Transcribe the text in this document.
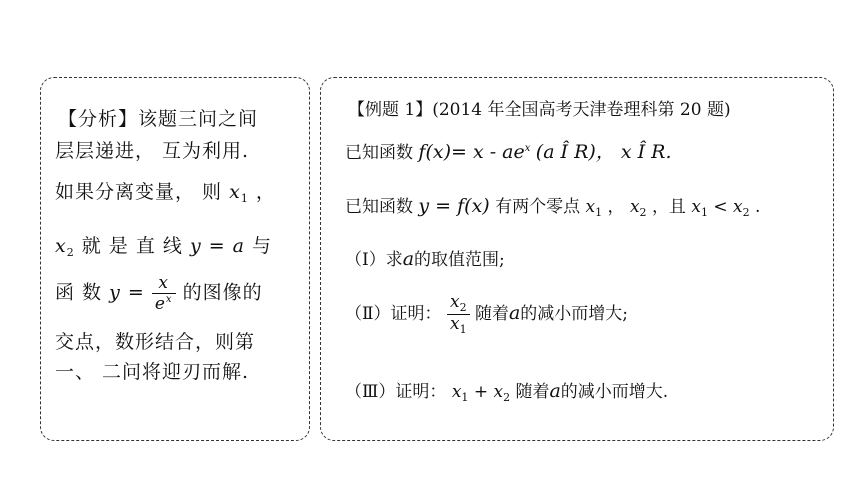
【分析】该题三问之间
层层递进， 互为利用.
如果分离变量， 则 $x_1$ ，
$x_2$ 就 是 直 线 y = a 与
函 数 $y = \frac{x}{e^x}$ 的图像的
交点，数形结合，则第
一、 二问将迎刃而解.
【例题 1】(2014 年全国高考天津卷理科第 20 题)
已知函数 $f(x)= x - ae^x$ (a Î R)， x Î R.
已知函数 y = f(x) 有两个零点 $x_1$ ， $x_2$ ，且 $x_1 < x_2$ .
（Ⅰ）求a的取值范围;
（Ⅱ）证明： $\frac{x_2}{x_1}$ 随着a的减小而增大;
（Ⅲ）证明： $x_1 + x_2$ 随着a的减小而增大.
